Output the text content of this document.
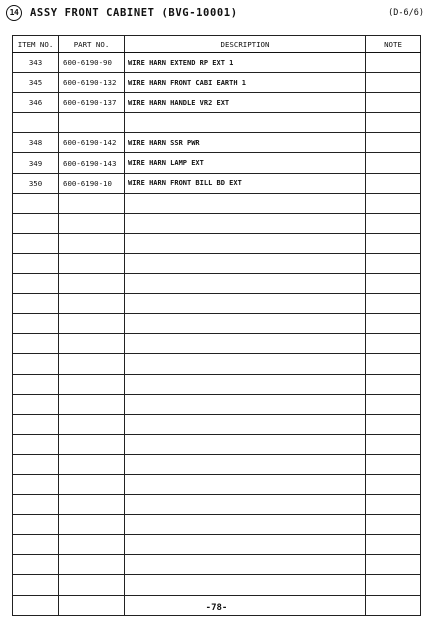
14	ASSY FRONT CABINET (BVG-10001)	(D-6/6)
ITEM NO.	PART NO.	DESCRIPTION	NOTE
343	600-6190-90	WIRE HARN EXTEND RP EXT 1	
345	600-6190-132	WIRE HARN FRONT CABI EARTH 1	
346	600-6190-137	WIRE HARN HANDLE VR2 EXT	

348	600-6190-142	WIRE HARN SSR PWR	
349	600-6190-143	WIRE HARN LAMP EXT	
350	600-6190-10	WIRE HARN FRONT BILL BD EXT	

-78-
